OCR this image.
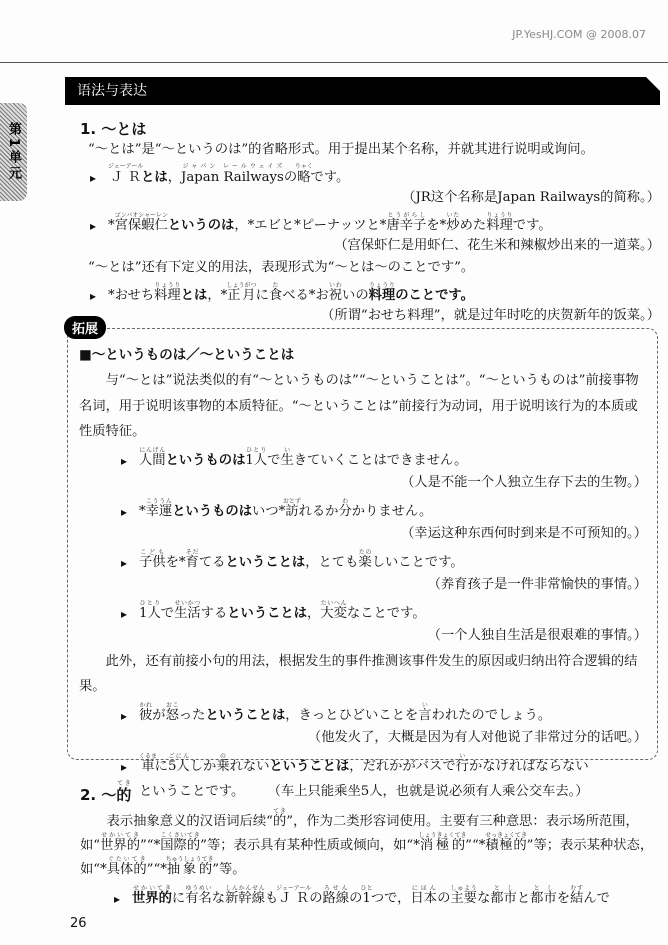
JP.YesHJ.COM @ 2008.07
语法与表达
第1单元	1. ～とは
“～とは”是“～というのは”的省略形式。用于提出某个名称，并就其进行说明或询问。
▸ ＪＲジェーアールとは，Japan Railwaysジャパン レールウェイズの略りゃくです。
（JR这个名称是Japan Railways的简称。）
▸ *宮保蝦仁ゴンバオシャーレンというのは，*エビと*ピーナッツと*唐辛子とうがらしを*炒いためた料理りょうりです。
（宫保虾仁是用虾仁、花生米和辣椒炒出来的一道菜。）
“～とは”还有下定义的用法，表现形式为“～とは～のことです”。
▸ *おせち料理りょうりとは，*正月しょうがつに食たべる*お祝いわいの料理りょうりのことです。
（所谓“おせち料理”，就是过年时吃的庆贺新年的饭菜。）
拓展
■～というものは／～ということは
与“～とは”说法类似的有“～というものは”“～ということは”。“～というものは”前接事物名词，用于说明该事物的本质特征。“～ということは”前接行为动词，用于说明该行为的本质或性质特征。
▸ 人間にんげんというものは1人ひとりで生いきていくことはできません。
（人是不能一个人独立生存下去的生物。）
▸ *幸運こううんというものはいつ*訪おとずれるか分わかりません。
（幸运这种东西何时到来是不可预知的。）
▸ 子供こどもを*育そだてるということは，とても楽たのしいことです。
（养育孩子是一件非常愉快的事情。）
▸ 1人ひとりで生活せいかつするということは，大変たいへんなことです。
（一个人独自生活是很艰难的事情。）
此外，还有前接小句的用法，根据发生的事件推测该事件发生的原因或归纳出符合逻辑的结果。
▸ 彼かれが怒おこったということは，きっとひどいことを言いわれたのでしょう。
（他发火了，大概是因为有人对他说了非常过分的话吧。）
▸ 車くるまに5人ごにんしか乗のれないということは，だれかがバスで行いかなければならない
ということです。 （车上只能乘坐5人，也就是说必须有人乘公交车去。）
2. ～的てき
表示抽象意义的汉语词后续“的てき”，作为二类形容词使用。主要有三种意思：表示场所范围，如“世界的せかいてき”“*国際的こくさいてき”等；表示具有某种性质或倾向，如“*消極的しょうきょくてき”“*積極的せっきょくてき”等；表示某种状态，如“*具体的ぐたいてき”“*抽象的ちゅうしょうてき”等。
▸ 世界的せかいてきに有名ゆうめいな新幹線しんかんせんもＪＲジェーアールの路線ろせんの1ひとつで，日本にほんの主要しゅような都市としと都市としを結むすんで
26
